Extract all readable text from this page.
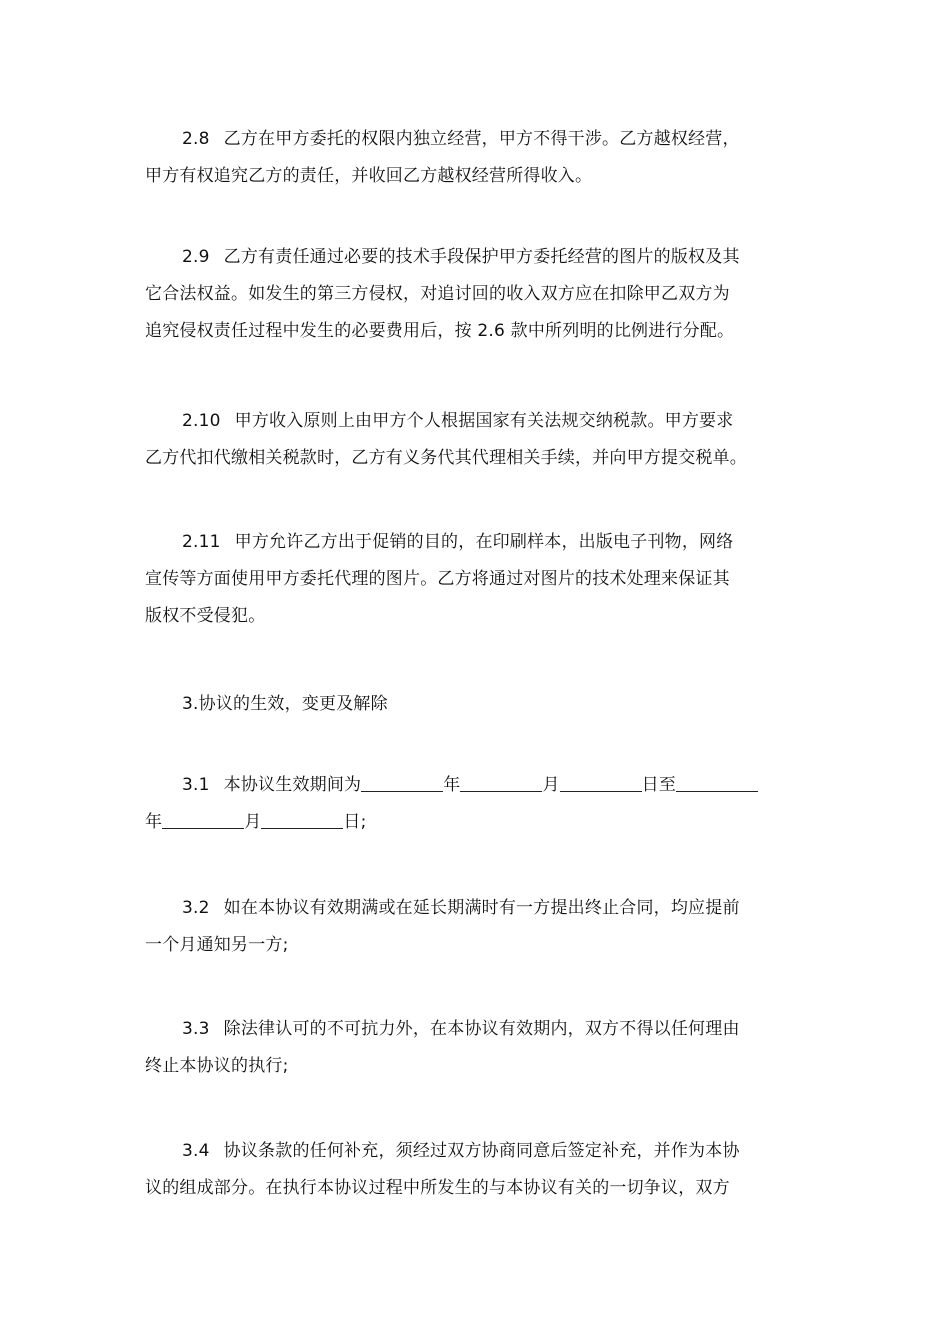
2.8 乙方在甲方委托的权限内独立经营，甲方不得干涉。乙方越权经营，
甲方有权追究乙方的责任，并收回乙方越权经营所得收入。

2.9 乙方有责任通过必要的技术手段保护甲方委托经营的图片的版权及其
它合法权益。如发生的第三方侵权，对追讨回的收入双方应在扣除甲乙双方为
追究侵权责任过程中发生的必要费用后，按 2.6 款中所列明的比例进行分配。

2.10 甲方收入原则上由甲方个人根据国家有关法规交纳税款。甲方要求
乙方代扣代缴相关税款时，乙方有义务代其代理相关手续，并向甲方提交税单。

2.11 甲方允许乙方出于促销的目的，在印刷样本，出版电子刊物，网络
宣传等方面使用甲方委托代理的图片。乙方将通过对图片的技术处理来保证其
版权不受侵犯。

3.协议的生效，变更及解除

3.1 本协议生效期间为	年	月	日至
年	月	日;

3.2 如在本协议有效期满或在延长期满时有一方提出终止合同，均应提前
一个月通知另一方;

3.3 除法律认可的不可抗力外，在本协议有效期内，双方不得以任何理由
终止本协议的执行;

3.4 协议条款的任何补充，须经过双方协商同意后签定补充，并作为本协
议的组成部分。在执行本协议过程中所发生的与本协议有关的一切争议，双方
